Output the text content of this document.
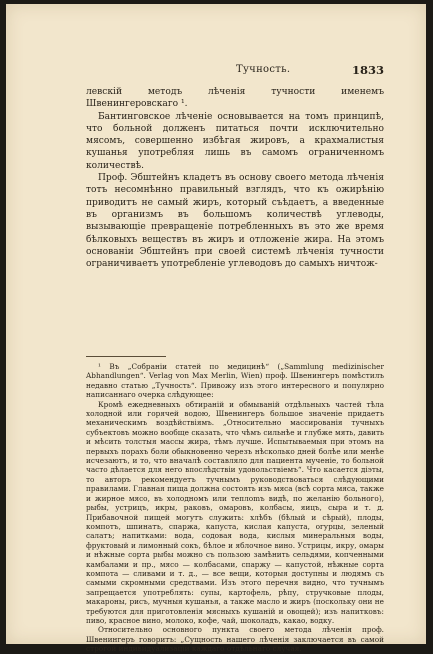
Тучность.	1833

левскій методъ лѣченія тучности именемъ Швенингеровскаго ¹.

Бантинговское лѣченіе основывается на томъ принципѣ, что больной долженъ питаться почти исключительно мясомъ, совершенно избѣгая жировъ, а крахмалистыя кушанья употребляя лишь въ самомъ ограниченномъ количествѣ.

Проф. Эбштейнъ кладетъ въ основу своего метода лѣченія тотъ несомнѣнно правильный взглядъ, что къ ожирѣнію приводитъ не самый жиръ, который съѣдаетъ, а введенные въ организмъ въ большомъ количествѣ углеводы, вызывающіе превращеніе потребленныхъ въ это же время бѣлковыхъ веществъ въ жиръ и отложеніе жира. На этомъ основаніи Эбштейнъ при своей системѣ лѣченія тучности ограничиваетъ употребленіе углеводовъ до самыхъ ничтож-

¹ Въ „Собраніи статей по медицинѣ“ („Sammlung medizinischer Abhandlungen“. Verlag von Max Merlin, Wien) проф. Швенингеръ помѣстилъ недавно статью „Тучность“. Привожу изъ этого интересного и популярно написаннаго очерка слѣдующее:

Кромѣ ежедневныхъ обтираній и обмываній отдѣльныхъ частей тѣла холодной или горячей водою, Швенингеръ большое значеніе придаетъ механическимъ воздѣйствіямъ. „Относительно массированія тучныхъ субъектовъ можно вообще сказать, что чѣмъ сильнѣе и глубже мять, давить и мѣсить толстыя массы жира, тѣмъ лучше. Испытываемыя при этомъ на первыхъ порахъ боли обыкновенно черезъ нѣсколько дней болѣе или менѣе исчезаютъ, и то, что вначалѣ составляло для пациента мученіе, то больной часто дѣлается для него впослѣдствіи удовольствіемъ“. Что касается діэты, то авторъ рекомендуетъ тучнымъ руководствоваться слѣдующими правилами. Главная пища должна состоять изъ мяса (всѣ сорта мяса, также и жирное мясо, въ холодномъ или теплomъ видѣ, по желанію больного), рыбы, устрицъ, икры, раковъ, омаровъ, колбасы, яицъ, сыра и т. д. Прибавочной пищей могутъ служить: хлѣбъ (бѣлый и сѣрый), плоды, компотъ, шпинатъ, спаржа, капуста, кислая капуста, огурцы, зеленый салатъ; напитками: вода, содовая вода, кислыя минеральныя воды, фруктовый и лимонный сокъ, бѣлое и яблочное вино. Устрицы, икру, омары и нѣжные сорта рыбы можно съ пользою замѣнить сельдями, копченными камбалами и пр., мясо — колбасами, спаржу — капустой, нѣжные сорта компота — сливами и т. д., — все вещи, которыя доступны и людямъ съ самыми скромными средствами. Изъ этого перечня видно, что тучнымъ запрещается употреблять: супы, картофель, рѣпу, стручковые плоды, макароны, рисъ, мучныя кушанья, а также масло и жиръ (поскольку они не требуются для приготовленія мясныхъ кушаній и овощей); изъ напитковъ: пиво, красное вино, молоко, кофе, чай, шоколадъ, какао, водку.

Относительно основного пункта своего метода лѣченія проф. Швенингеръ говоритъ: „Сущность нашего лѣченія заключается въ самой строгой индивидуализаціи каждаго отдѣльнаго случая.
